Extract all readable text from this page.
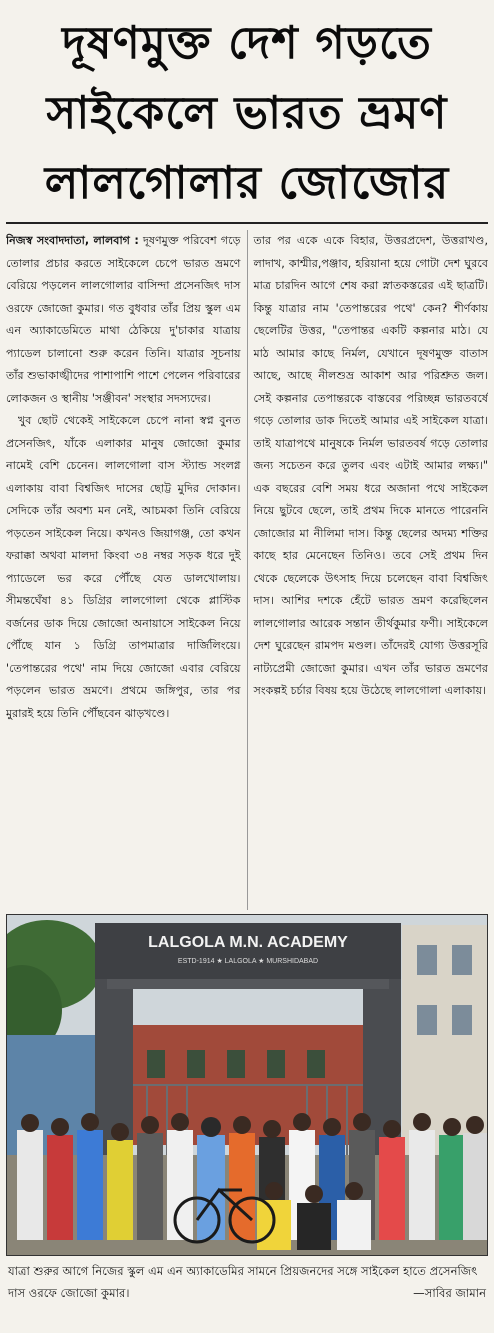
দূষণমুক্ত দেশ গড়তে
সাইকেলে ভারত ভ্রমণ
লালগোলার জোজোর

নিজস্ব সংবাদদাতা, লালবাগ : দূষণমুক্ত পরিবেশ গড়ে তোলার প্রচার করতে সাইকেলে চেপে ভারত ভ্রমণে বেরিয়ে পড়লেন লালগোলার বাসিন্দা প্রসেনজিৎ দাস ওরফে জোজো কুমার। গত বুধবার তাঁর প্রিয় স্কুল এম এন অ্যাকাডেমিতে মাথা ঠেকিয়ে দু'চাকার যাত্রায় প্যাডেল চালানো শুরু করেন তিনি। যাত্রার সূচনায় তাঁর শুভাকাঙ্খীদের পাশাপাশি পাশে পেলেন পরিবারের লোকজন ও স্থানীয় 'সঞ্জীবন' সংস্থার সদস্যদের।

খুব ছোট থেকেই সাইকেলে চেপে নানা স্বপ্ন বুনত প্রসেনজিৎ, যাঁকে এলাকার মানুষ জোজো কুমার নামেই বেশি চেনেন। লালগোলা বাস স্ট্যান্ড সংলগ্ন এলাকায় বাবা বিশ্বজিৎ দাসের ছোট্ট মুদির দোকান। সেদিকে তাঁর অবশ্য মন নেই, আচমকা তিনি বেরিয়ে পড়তেন সাইকেল নিয়ে। কখনও জিয়াগঞ্জ, তো কখন ফরাক্কা অথবা মালদা কিংবা ৩৪ নম্বর সড়ক ধরে দুই প্যাডেলে ভর করে পৌঁছে যেত ডালখোলায়। সীমন্তঘেঁষা ৪১ ডিগ্রির লালগোলা থেকে প্লাস্টিক বর্জনের ডাক দিয়ে জোজো অনায়াসে সাইকেল নিয়ে পৌঁছে যান ১ ডিগ্রি তাপমাত্রার দার্জিলিংয়ে। 'তেপান্তরের পথে' নাম দিয়ে জোজো এবার বেরিয়ে পড়লেন ভারত ভ্রমণে। প্রথমে জঙ্গিপুর, তার পর মুরারই হয়ে তিনি পৌঁছবেন ঝাড়খণ্ডে।

তার পর একে একে বিহার, উত্তরপ্রদেশ, উত্তরাখণ্ড, লাদাখ, কাশ্মীর,পঞ্জাব, হরিয়ানা হয়ে গোটা দেশ ঘুরবে মাত্র চারদিন আগে শেষ করা স্নাতকস্তরের এই ছাত্রটি। কিন্তু যাত্রার নাম 'তেপান্তরের পথে' কেন? শীর্ণকায় ছেলেটির উত্তর, "তেপান্তর একটি কল্পনার মাঠ। যে মাঠ আমার কাছে নির্মল, যেখানে দূষণমুক্ত বাতাস আছে, আছে নীলশুভ্র আকাশ আর পরিশ্রুত জল। সেই কল্পনার তেপান্তরকে বাস্তবের পরিচ্ছন্ন ভারতবর্ষে গড়ে তোলার ডাক দিতেই আমার এই সাইকেল যাত্রা। তাই যাত্রাপথে মানুষকে নির্মল ভারতবর্ষ গড়ে তোলার জন্য সচেতন করে তুলব এবং এটাই আমার লক্ষ্য।" এক বছরের বেশি সময় ধরে অজানা পথে সাইকেল নিয়ে ছুটবে ছেলে, তাই প্রথম দিকে মানতে পারেননি জোজোর মা নীলিমা দাস। কিন্তু ছেলের অদম্য শক্তির কাছে হার মেনেছেন তিনিও। তবে সেই প্রথম দিন থেকে ছেলেকে উৎসাহ দিয়ে চলেছেন বাবা বিশ্বজিৎ দাস। আশির দশকে হেঁটে ভারত ভ্রমণ করেছিলেন লালগোলার আরেক সন্তান তীর্থকুমার ফণী। সাইকেলে দেশ ঘুরেছেন রামপদ মণ্ডল। তাঁদেরই যোগ্য উত্তরসূরি নাট্যপ্রেমী জোজো কুমার। এখন তাঁর ভারত ভ্রমণের সংকল্পই চর্চার বিষয় হয়ে উঠেছে লালগোলা এলাকায়।

LALGOLA M.N. ACADEMY
ESTD-1914 ★ LALGOLA ★ MURSHIDABAD
যাত্রা শুরুর আগে নিজের স্কুল এম এন অ্যাকাডেমির সামনে প্রিয়জনদের সঙ্গে সাইকেল হাতে প্রসেনজিৎ দাস ওরফে জোজো কুমার।	—সাবির জামান
